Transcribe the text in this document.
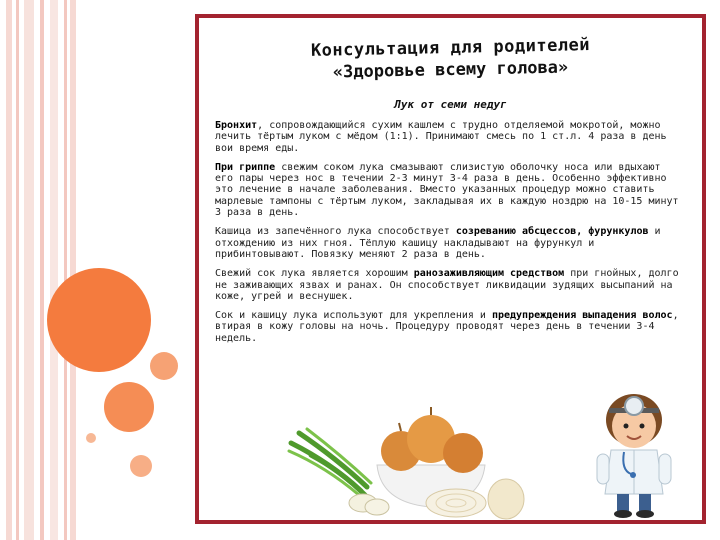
Консультация для родителей
«Здоровье всему голова»
Лук от семи недуг

Бронхит, сопровождающийся сухим кашлем с трудно отделяемой мокротой, можно лечить тёртым луком с мёдом (1:1). Принимают смесь по 1 ст.л. 4 раза в день вои время еды.

При гриппе свежим соком лука смазывают слизистую оболочку носа или вдыхают его пары через нос в течении 2-3 минут 3-4 раза в день. Особенно эффективно это лечение в начале заболевания. Вместо указанных процедур можно ставить марлевые тампоны с тёртым луком, закладывая их в каждую ноздрю на 10-15 минут 3 раза в день.

Кашица из запечённого лука способствует созреванию абсцессов, фурункулов и отхождению из них гноя. Тёплую кашицу накладывают на фурункул и прибинтовывают. Повязку меняют 2 раза в день.

Свежий сок лука является хорошим ранозаживляющим средством при гнойных, долго не заживающих язвах и ранах. Он способствует ликвидации зудящих высыпаний на коже, угрей и веснушек.

Сок и кашицу лука используют для укрепления и предупреждения выпадения волос, втирая в кожу головы на ночь. Процедуру проводят через день в течении 3-4 недель.
